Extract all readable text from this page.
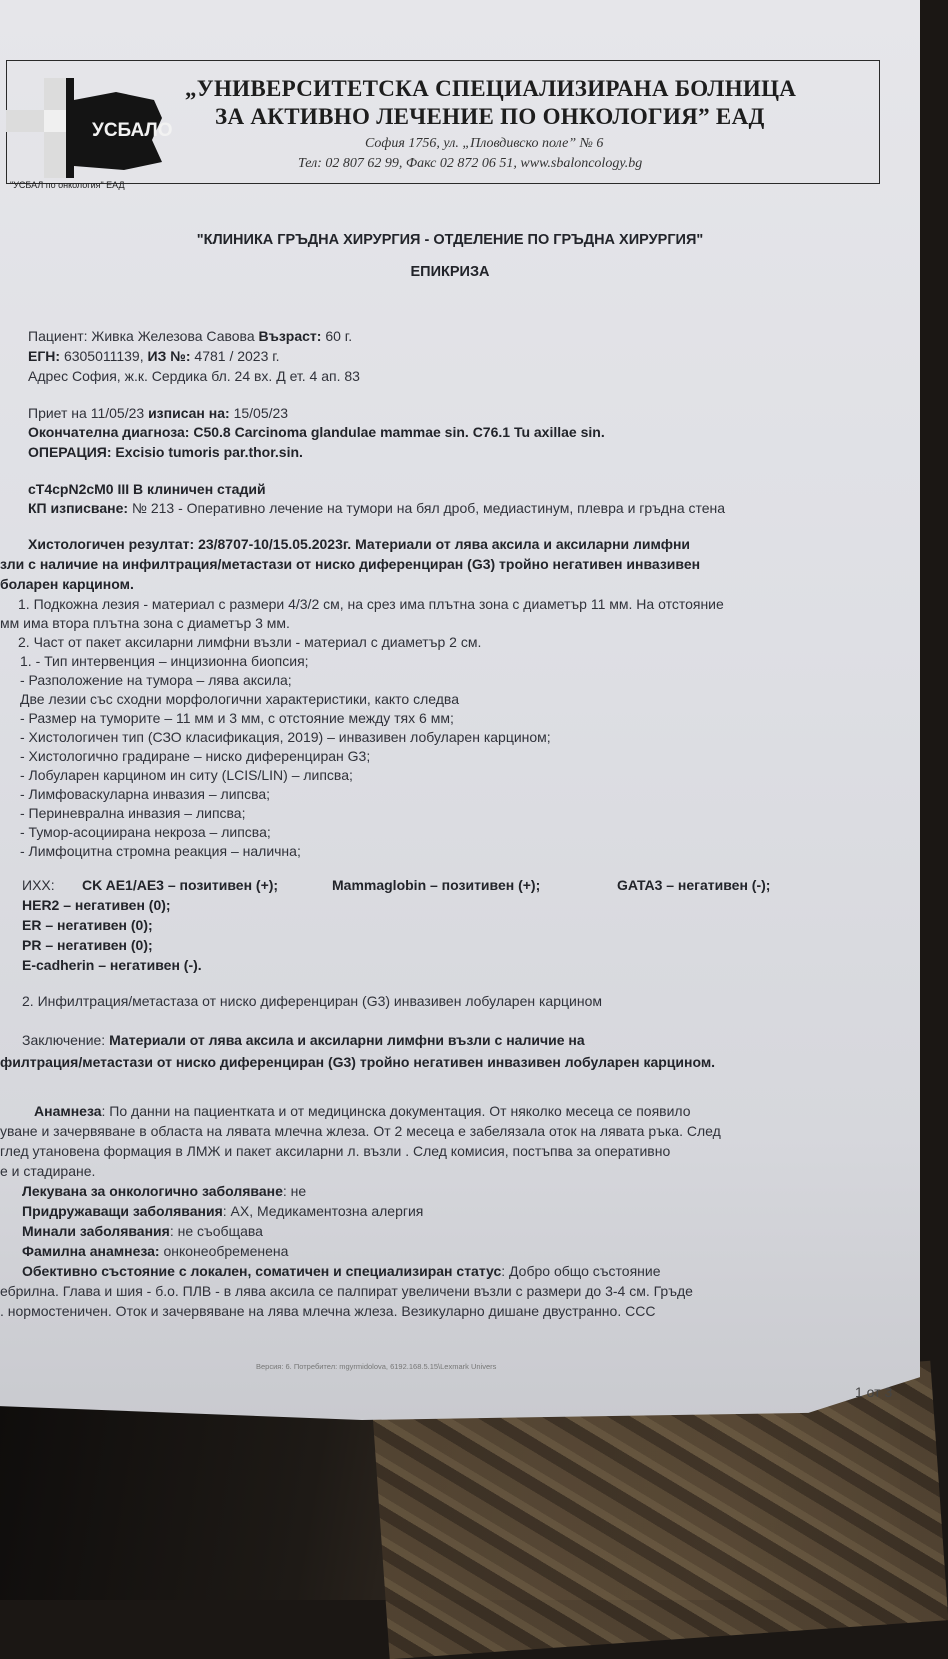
УСБАЛО
"УСБАЛ по онкология" ЕАД
„УНИВЕРСИТЕТСКА СПЕЦИАЛИЗИРАНА БОЛНИЦА
ЗА АКТИВНО ЛЕЧЕНИЕ ПО ОНКОЛОГИЯ” ЕАД
София 1756, ул. „Пловдивско поле” № 6
Тел: 02 807 62 99, Факс 02 872 06 51, www.sbaloncology.bg
"КЛИНИКА ГРЪДНА ХИРУРГИЯ - ОТДЕЛЕНИЕ ПО ГРЪДНА ХИРУРГИЯ"
ЕПИКРИЗА
Пациент: Живка Железова Савова Възраст: 60 г.
ЕГН: 6305011139, ИЗ №: 4781 / 2023 г.
Адрес София, ж.к. Сердика бл. 24 вх. Д ет. 4 ап. 83
Приет на 11/05/23 изписан на: 15/05/23
Окончателна диагноза: C50.8 Carcinoma glandulae mammae sin. C76.1 Tu axillae sin.
ОПЕРАЦИЯ: Excisio tumoris par.thor.sin.
cT4cpN2cM0 III B клиничен стадий
КП изписване: № 213 - Оперативно лечение на тумори на бял дроб, медиастинум, плевра и гръдна стена
Хистологичен резултат: 23/8707-10/15.05.2023г. Материали от лява аксила и аксиларни лимфни
зли с наличие на инфилтрация/метастази от ниско диференциран (G3) тройно негативен инвазивен
боларен карцином.
1. Подкожна лезия - материал с размери 4/3/2 см, на срез има плътна зона с диаметър 11 мм. На отстояние
мм има втора плътна зона с диаметър 3 мм.
2. Част от пакет аксиларни лимфни възли - материал с диаметър 2 см.
1. - Тип интервенция – инцизионна биопсия;
- Разположение на тумора – лява аксила;
Две лезии със сходни морфологични характеристики, както следва
- Размер на туморите – 11 мм и 3 мм, с отстояние между тях 6 мм;
- Хистологичен тип (СЗО класификация, 2019) – инвазивен лобуларен карцином;
- Хистологично градиране – ниско диференциран G3;
- Лобуларен карцином ин ситу (LCIS/LIN) – липсва;
- Лимфоваскуларна инвазия – липсва;
- Периневрална инвазия – липсва;
- Тумор-асоциирана некроза – липсва;
- Лимфоцитна стромна реакция – налична;
ИХХ: CK AE1/AE3 – позитивен (+);	Mammaglobin – позитивен (+);	GATA3 – негативен (-);
HER2 – негативен (0);
ER – негативен (0);
PR – негативен (0);
E-cadherin – негативен (-).
2. Инфилтрация/метастаза от ниско диференциран (G3) инвазивен лобуларен карцином
Заключение: Материали от лява аксила и аксиларни лимфни възли с наличие на
филтрация/метастази от ниско диференциран (G3) тройно негативен инвазивен лобуларен карцином.
Анамнеза: По данни на пациентката и от медицинска документация. От няколко месеца се появило
уване и зачервяване в областа на лявата млечна жлеза. От 2 месеца е забелязала оток на лявата ръка. След
глед утановена формация в ЛМЖ и пакет аксиларни л. възли . След комисия, постъпва за оперативно
е и стадиране.
Лекувана за онкологично заболяване: не
Придружаващи заболявания: АХ, Медикаментозна алергия
Минали заболявания: не съобщава
Фамилна анамнеза: онконеобременена
Обективно състояние с локален, соматичен и специализиран статус: Добро общо състояние
ебрилна. Глава и шия - б.о. ПЛВ - в лява аксила се палпират увеличени възли с размери до 3-4 см. Гръде
. нормостеничен. Оток и зачервяване на лява млечна жлеза. Везикуларно дишане двустранно. ССС
Версия: 6. Потребител: mgyrmidolova, 6192.168.5.15\Lexmark Univers
1 от 3
